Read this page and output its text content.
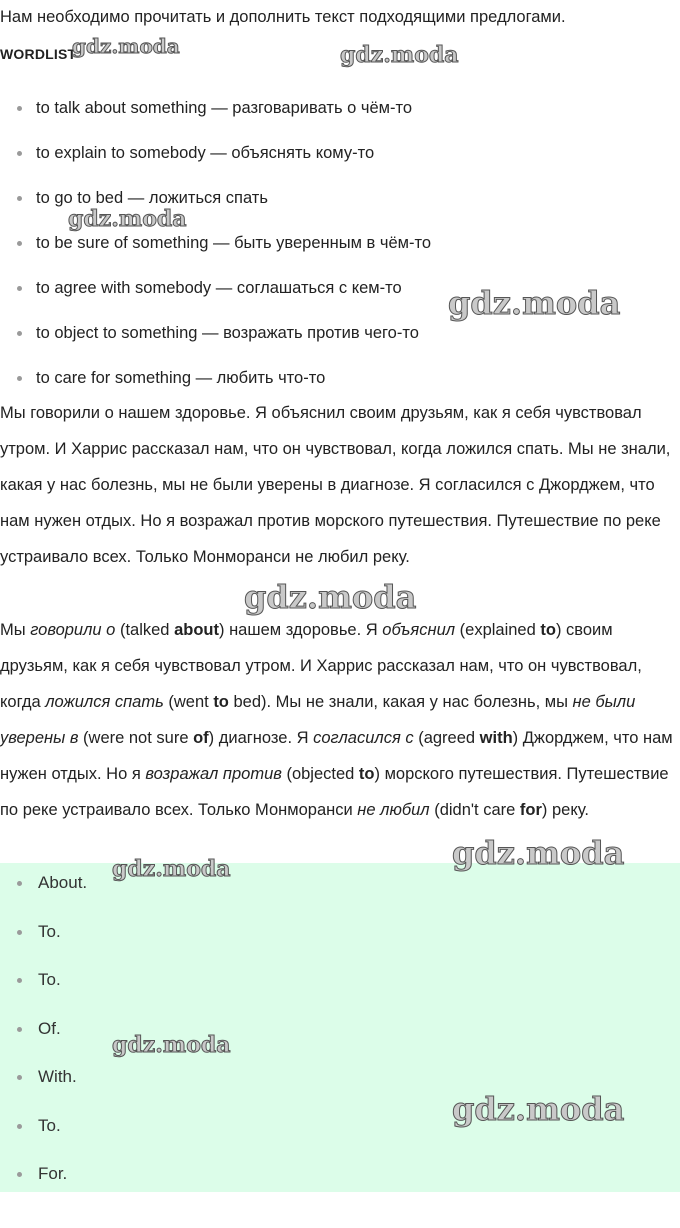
Нам необходимо прочитать и дополнить текст подходящими предлогами.
WORDLIST
to talk about something — разговаривать о чём-то
to explain to somebody — объяснять кому-то
to go to bed — ложиться спать
to be sure of something — быть уверенным в чём-то
to agree with somebody — соглашаться с кем-то
to object to something — возражать против чего-то
to care for something — любить что-то

Мы говорили о нашем здоровье. Я объяснил своим друзьям, как я себя чувствовал утром. И Харрис рассказал нам, что он чувствовал, когда ложился спать. Мы не знали, какая у нас болезнь, мы не были уверены в диагнозе. Я согласился с Джорджем, что нам нужен отдых. Но я возражал против морского путешествия. Путешествие по реке устраивало всех. Только Монморанси не любил реку.

Мы говорили о (talked about) нашем здоровье. Я объяснил (explained to) своим друзьям, как я себя чувствовал утром. И Харрис рассказал нам, что он чувствовал, когда ложился спать (went to bed). Мы не знали, какая у нас болезнь, мы не были уверены в (were not sure of) диагнозе. Я согласился с (agreed with) Джорджем, что нам нужен отдых. Но я возражал против (objected to) морского путешествия. Путешествие по реке устраивало всех. Только Монморанси не любил (didn't care for) реку.

About.
To.
To.
Of.
With.
To.
For.
gdz.moda	gdz.moda
gdz.moda
gdz.moda
gdz.moda
gdz.moda
gdz.moda
gdz.moda
gdz.moda
